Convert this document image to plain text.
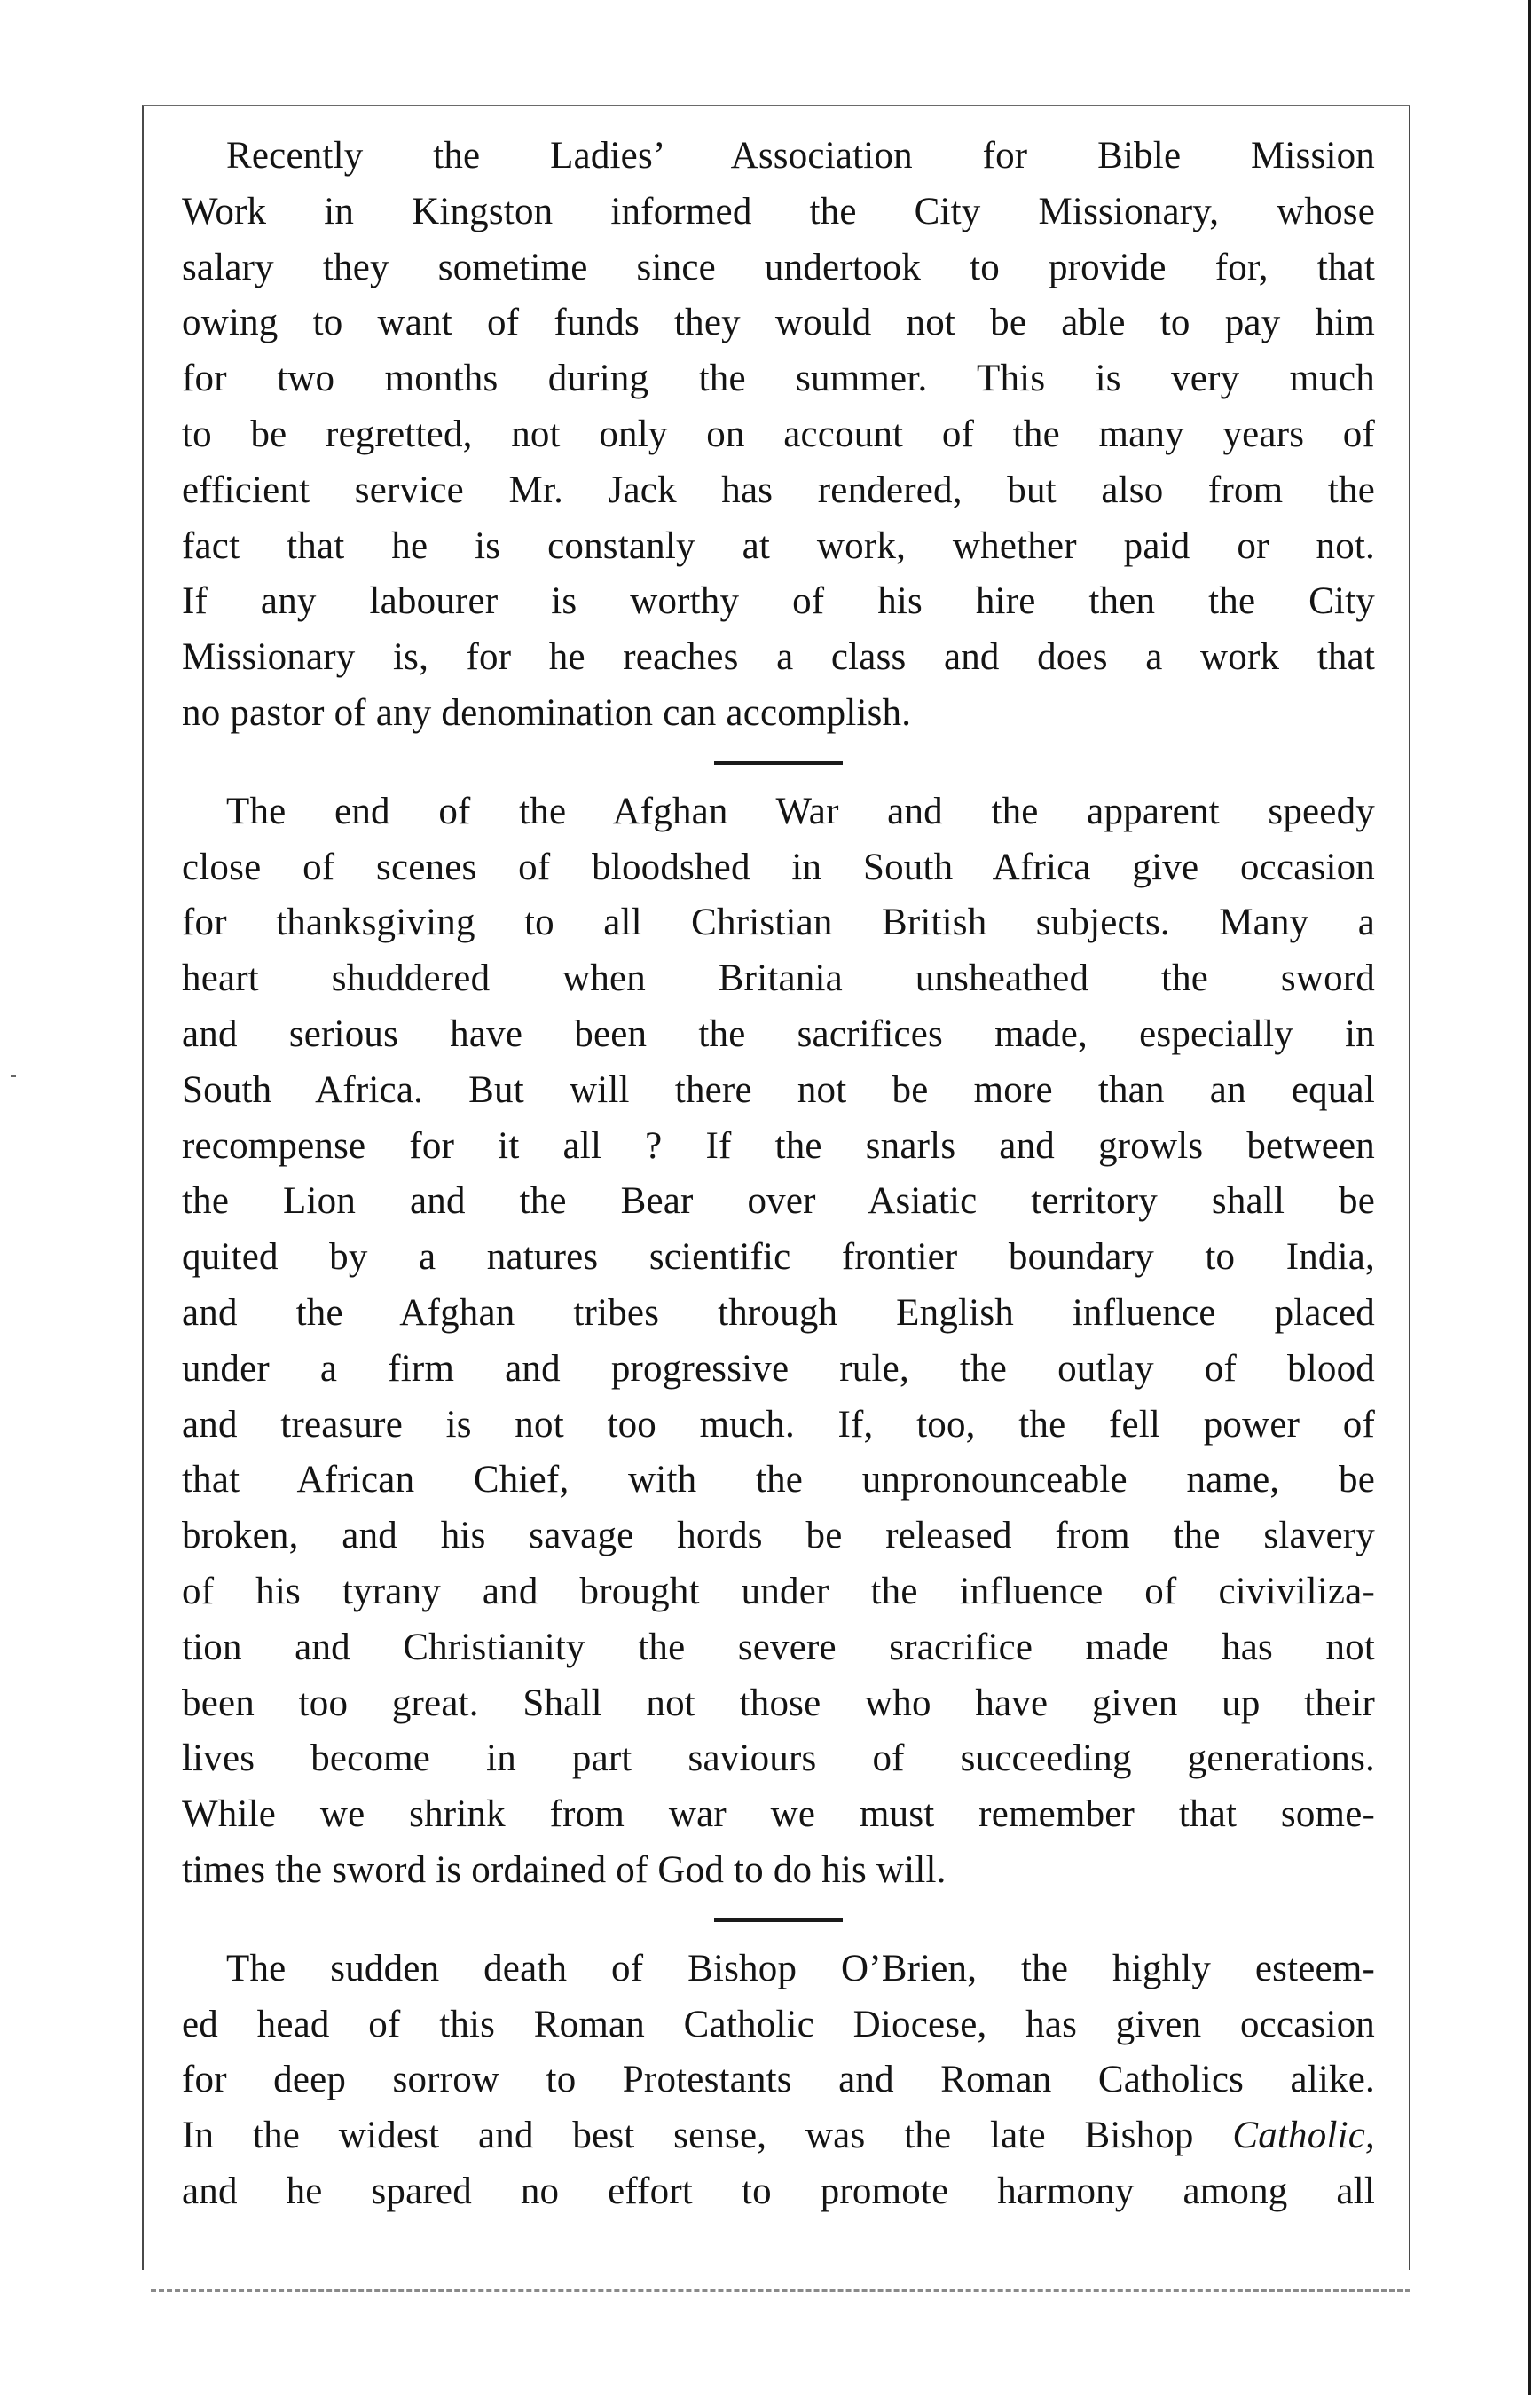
Recently the Ladies’ Association for Bible Mission
Work in Kingston informed the City Missionary, whose
salary they sometime since undertook to provide for, that
owing to want of funds they would not be able to pay him
for two months during the summer. This is very much
to be regretted, not only on account of the many years of
efficient service Mr. Jack has rendered, but also from the
fact that he is constanly at work, whether paid or not.
If any labourer is worthy of his hire then the City
Missionary is, for he reaches a class and does a work that
no pastor of any denomination can accomplish.
The end of the Afghan War and the apparent speedy
close of scenes of bloodshed in South Africa give occasion
for thanksgiving to all Christian British subjects. Many a
heart shuddered when Britania unsheathed the sword
and serious have been the sacrifices made, especially in
South Africa. But will there not be more than an equal
recompense for it all ? If the snarls and growls between
the Lion and the Bear over Asiatic territory shall be
quited by a natures scientific frontier boundary to India,
and the Afghan tribes through English influence placed
under a firm and progressive rule, the outlay of blood
and treasure is not too much. If, too, the fell power of
that African Chief, with the unpronounceable name, be
broken, and his savage hords be released from the slavery
of his tyrany and brought under the influence of civiviliza-
tion and Christianity the severe sracrifice made has not
been too great. Shall not those who have given up their
lives become in part saviours of succeeding generations.
While we shrink from war we must remember that some-
times the sword is ordained of God to do his will.
The sudden death of Bishop O’Brien, the highly esteem-
ed head of this Roman Catholic Diocese, has given occasion
for deep sorrow to Protestants and Roman Catholics alike.
In the widest and best sense, was the late Bishop Catholic,
and he spared no effort to promote harmony among all
